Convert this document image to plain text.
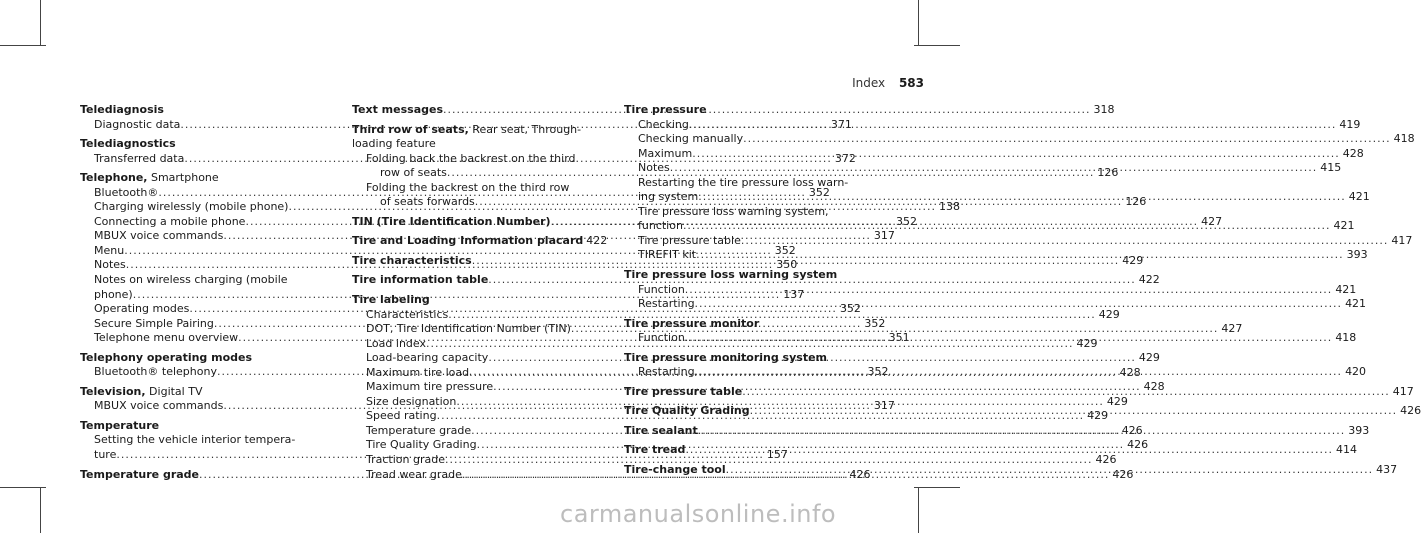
Index 583
Telediagnosis
Diagnostic data .....	371
Telediagnostics
Transferred data .....	372
Telephone, Smartphone
Bluetooth® .....	352
Charging wirelessly (mobile phone) .....	138
Connecting a mobile phone .....	352
MBUX voice commands .....	317
Menu .....	352
Notes .....	350
Notes on wireless charging (mobile
phone) .....	137
Operating modes .....	352
Secure Simple Pairing .....	352
Telephone menu overview .....	351
Telephony operating modes
Bluetooth® telephony .....	352
Television, Digital TV
MBUX voice commands .....	317
Temperature
Setting the vehicle interior tempera-
ture .....	157
Temperature grade .....	426
Text messages .....	318
Third row of seats, Rear seat, Through-
loading feature
Folding back the backrest on the third
row of seats .....	126
Folding the backrest on the third row
of seats forwards .....	126
TIN (Tire Identification Number) .....	427
Tire and Loading Information placard 422
Tire characteristics .....	429
Tire information table .....	422
Tire labeling
Characteristics .....	429
DOT, Tire Identification Number (TIN) .....	427
Load index .....	429
Load-bearing capacity .....	429
Maximum tire load .....	428
Maximum tire pressure .....	428
Size designation .....	429
Speed rating .....	429
Temperature grade .....	426
Tire Quality Grading .....	426
Traction grade .....	426
Tread wear grade .....	426
Tire pressure
Checking .....	419
Checking manually .....	418
Maximum .....	428
Notes .....	415
Restarting the tire pressure loss warn-
ing system .....	421
Tire pressure loss warning system,
function .....	421
Tire pressure table .....	417
TIREFIT kit .....	393
Tire pressure loss warning system
Function .....	421
Restarting .....	421
Tire pressure monitor
Function .....	418
Tire pressure monitoring system
Restarting .....	420
Tire pressure table .....	417
Tire Quality Grading .....	426
Tire sealant .....	393
Tire tread .....	414
Tire-change tool .....	437
carmanualsonline.info
